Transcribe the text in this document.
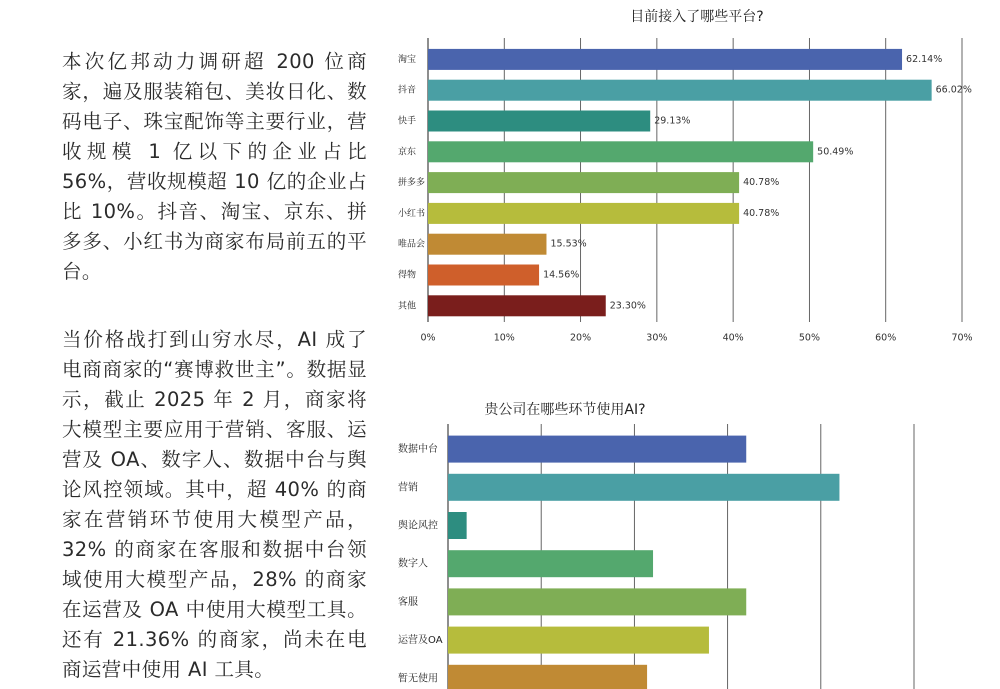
本次亿邦动力调研超 200 位商家，遍及服装箱包、美妆日化、数码电子、珠宝配饰等主要行业，营收规模 1 亿以下的企业占比 56%，营收规模超 10 亿的企业占比 10%。抖音、淘宝、京东、拼多多、小红书为商家布局前五的平台。

当价格战打到山穷水尽，AI 成了电商商家的“赛博救世主”。数据显示，截止 2025 年 2 月，商家将大模型主要应用于营销、客服、运营及 OA、数字人、数据中台与舆论风控领域。其中，超 40% 的商家在营销环节使用大模型产品，32% 的商家在客服和数据中台领域使用大模型产品，28% 的商家在运营及 OA 中使用大模型工具。还有 21.36% 的商家，尚未在电商运营中使用 AI 工具。

目前接入了哪些平台?
0%	10%	20%	30%	40%	50%	60%	70%
淘宝	62.14%
抖音	66.02%
快手	29.13%
京东	50.49%
拼多多	40.78%
小红书	40.78%
唯品会	15.53%
得物	14.56%
其他	23.30%
贵公司在哪些环节使用AI?
数据中台
营销
舆论风控
数字人
客服
运营及OA
暂无使用
